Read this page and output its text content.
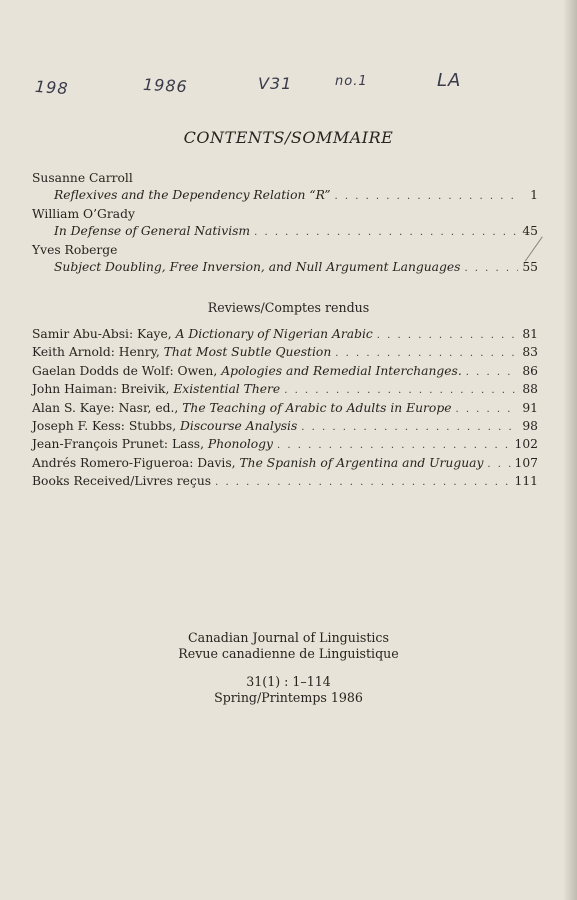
198	1986	V31	no.1	LA
CONTENTS/SOMMAIRE
Susanne Carroll
Reflexives and the Dependency Relation “R” . . .	1
William O’Grady
In Defense of General Nativism . . .	45
Yves Roberge
Subject Doubling, Free Inversion, and Null Argument Languages . . .	55
Reviews/Comptes rendus
Samir Abu-Absi: Kaye, A Dictionary of Nigerian Arabic . . .	81
Keith Arnold: Henry, That Most Subtle Question . . .	83
Gaelan Dodds de Wolf: Owen, Apologies and Remedial Interchanges. . . .	86
John Haiman: Breivik, Existential There . . .	88
Alan S. Kaye: Nasr, ed., The Teaching of Arabic to Adults in Europe . . .	91
Joseph F. Kess: Stubbs, Discourse Analysis . . .	98
Jean-François Prunet: Lass, Phonology . . .	102
Andrés Romero-Figueroa: Davis, The Spanish of Argentina and Uruguay . . .	107
Books Received/Livres reçus . . .	111
Canadian Journal of Linguistics
Revue canadienne de Linguistique
31(1) : 1–114
Spring/Printemps 1986
